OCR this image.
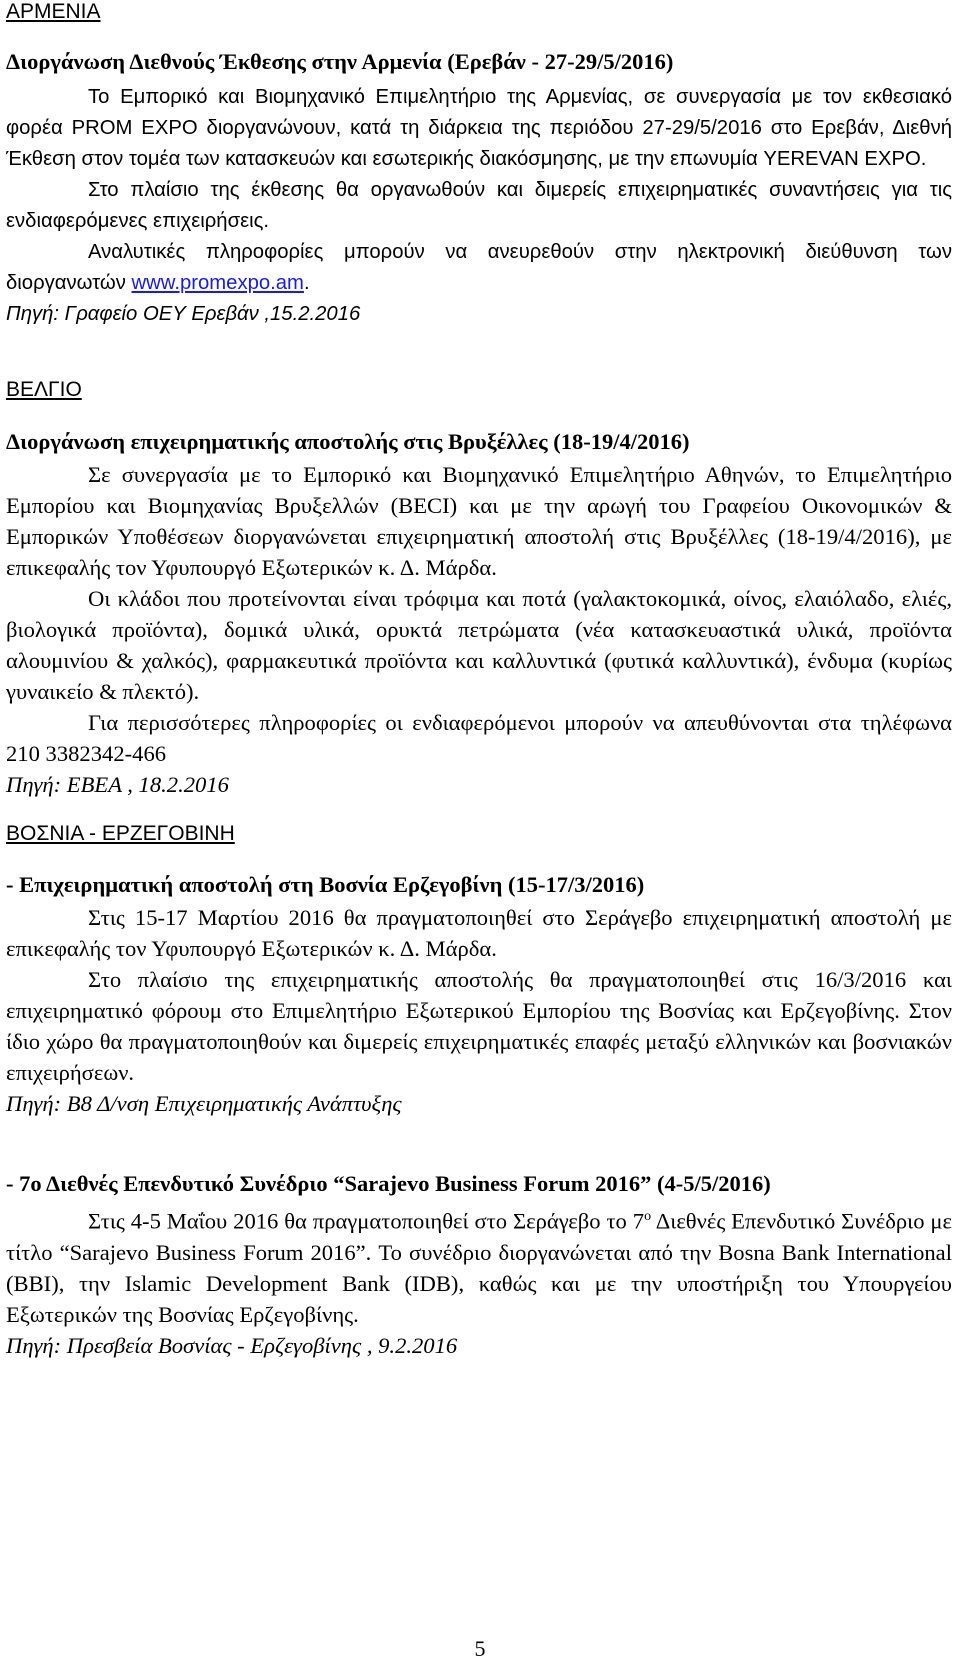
ΑΡΜΕΝΙΑ

Διοργάνωση Διεθνούς Έκθεσης στην Αρμενία (Ερεβάν - 27-29/5/2016)

Το Εμπορικό και Βιομηχανικό Επιμελητήριο της Αρμενίας, σε συνεργασία με τον εκθεσιακό φορέα PROM EXPO διοργανώνουν, κατά τη διάρκεια της περιόδου 27-29/5/2016 στο Ερεβάν, Διεθνή Έκθεση στον τομέα των κατασκευών και εσωτερικής διακόσμησης, με την επωνυμία YEREVAN EXPO.

Στο πλαίσιο της έκθεσης θα οργανωθούν και διμερείς επιχειρηματικές συναντήσεις για τις ενδιαφερόμενες επιχειρήσεις.

Αναλυτικές πληροφορίες μπορούν να ανευρεθούν στην ηλεκτρονική διεύθυνση των διοργανωτών www.promexpo.am.

Πηγή: Γραφείο ΟΕΥ Ερεβάν ,15.2.2016

ΒΕΛΓΙΟ

Διοργάνωση επιχειρηματικής αποστολής στις Βρυξέλλες (18-19/4/2016)

Σε συνεργασία με το Εμπορικό και Βιομηχανικό Επιμελητήριο Αθηνών, το Επιμελητήριο Εμπορίου και Βιομηχανίας Βρυξελλών (BECI) και με την αρωγή του Γραφείου Οικονομικών & Εμπορικών Υποθέσεων διοργανώνεται επιχειρηματική αποστολή στις Βρυξέλλες (18-19/4/2016), με επικεφαλής τον Υφυπουργό Εξωτερικών κ. Δ. Μάρδα.

Οι κλάδοι που προτείνονται είναι τρόφιμα και ποτά (γαλακτοκομικά, οίνος, ελαιόλαδο, ελιές, βιολογικά προϊόντα), δομικά υλικά, ορυκτά πετρώματα (νέα κατασκευαστικά υλικά, προϊόντα αλουμινίου & χαλκός), φαρμακευτικά προϊόντα και καλλυντικά (φυτικά καλλυντικά), ένδυμα (κυρίως γυναικείο & πλεκτό).

Για περισσότερες πληροφορίες οι ενδιαφερόμενοι μπορούν να απευθύνονται στα τηλέφωνα 210 3382342-466

Πηγή: ΕΒΕΑ , 18.2.2016

ΒΟΣΝΙΑ - ΕΡΖΕΓΟΒΙΝΗ

- Επιχειρηματική αποστολή στη Βοσνία Ερζεγοβίνη (15-17/3/2016)

Στις 15-17 Μαρτίου 2016 θα πραγματοποιηθεί στο Σεράγεβο επιχειρηματική αποστολή με επικεφαλής τον Υφυπουργό Εξωτερικών κ. Δ. Μάρδα.

Στο πλαίσιο της επιχειρηματικής αποστολής θα πραγματοποιηθεί στις 16/3/2016 και επιχειρηματικό φόρουμ στο Επιμελητήριο Εξωτερικού Εμπορίου της Βοσνίας και Ερζεγοβίνης. Στον ίδιο χώρο θα πραγματοποιηθούν και διμερείς επιχειρηματικές επαφές μεταξύ ελληνικών και βοσνιακών επιχειρήσεων.

Πηγή: Β8 Δ/νση Επιχειρηματικής Ανάπτυξης

- 7ο Διεθνές Επενδυτικό Συνέδριο “Sarajevo Business Forum 2016” (4-5/5/2016)

Στις 4-5 Μαΐου 2016 θα πραγματοποιηθεί στο Σεράγεβο το $7^o$ Διεθνές Επενδυτικό Συνέδριο με τίτλο “Sarajevo Business Forum 2016”. Το συνέδριο διοργανώνεται από την Bosna Bank International (BBI), την Islamic Development Bank (IDB), καθώς και με την υποστήριξη του Υπουργείου Εξωτερικών της Βοσνίας Ερζεγοβίνης.

Πηγή: Πρεσβεία Βοσνίας - Ερζεγοβίνης , 9.2.2016

5
